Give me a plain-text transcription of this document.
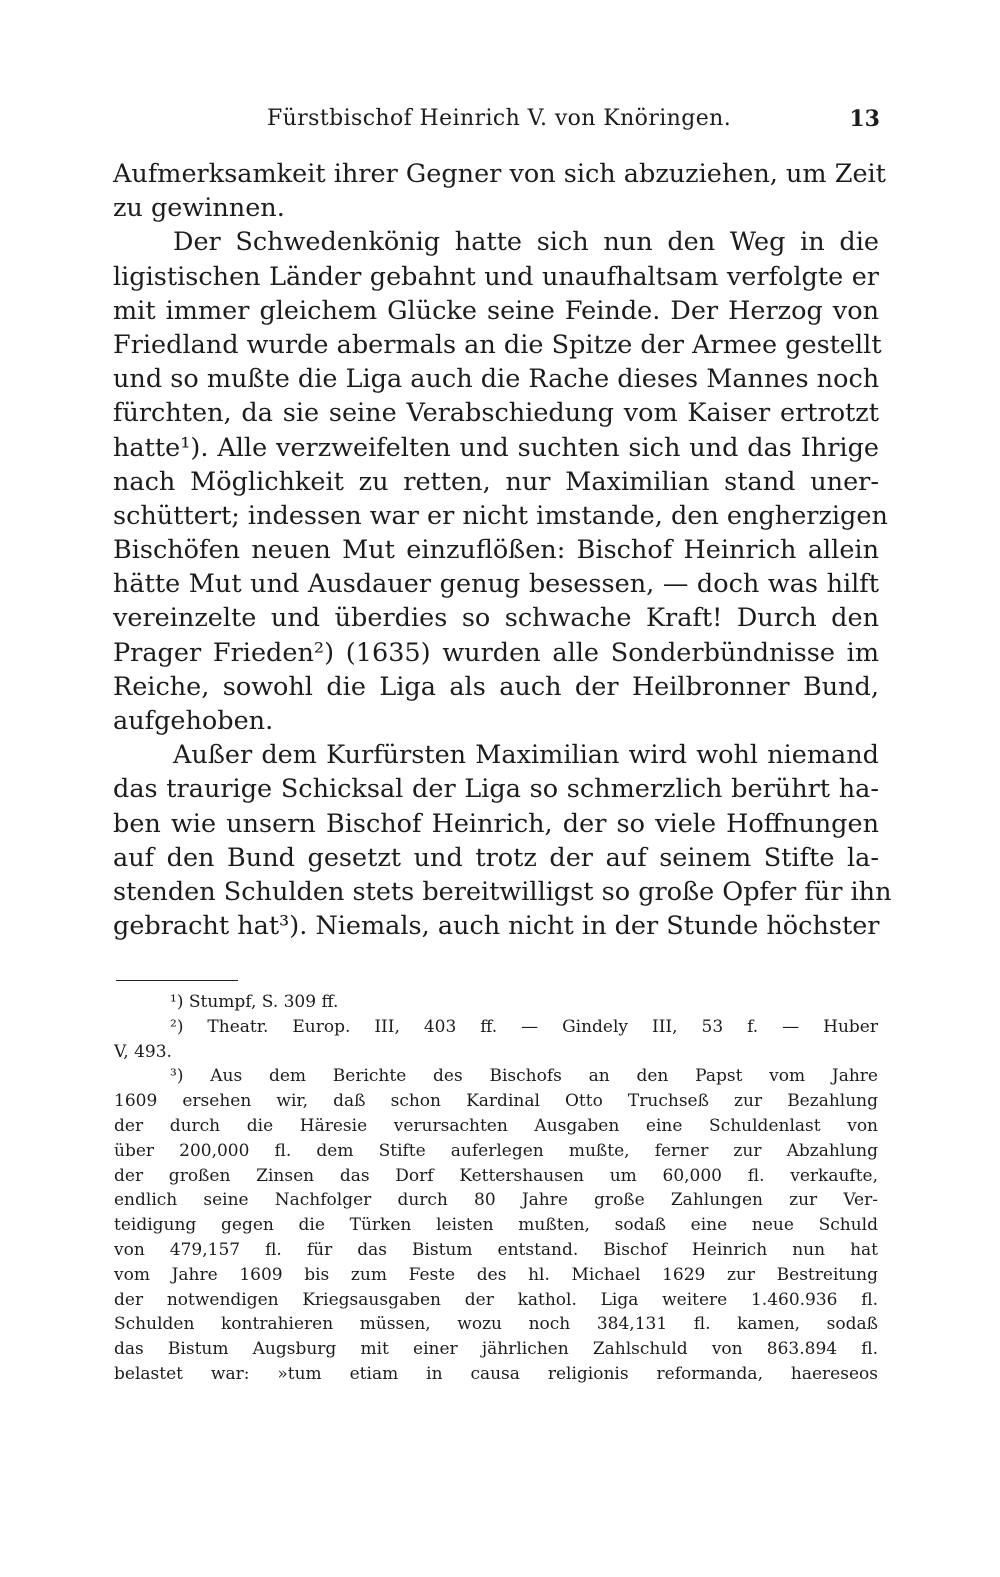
Fürstbischof Heinrich V. von Knöringen.	13
Aufmerksamkeit ihrer Gegner von sich abzuziehen, um Zeit
zu gewinnen.
Der Schwedenkönig hatte sich nun den Weg in die
ligistischen Länder gebahnt und unaufhaltsam verfolgte er
mit immer gleichem Glücke seine Feinde. Der Herzog von
Friedland wurde abermals an die Spitze der Armee gestellt
und so mußte die Liga auch die Rache dieses Mannes noch
fürchten, da sie seine Verabschiedung vom Kaiser ertrotzt
hatte¹). Alle verzweifelten und suchten sich und das Ihrige
nach Möglichkeit zu retten, nur Maximilian stand uner-
schüttert; indessen war er nicht imstande, den engherzigen
Bischöfen neuen Mut einzuflößen: Bischof Heinrich allein
hätte Mut und Ausdauer genug besessen, — doch was hilft
vereinzelte und überdies so schwache Kraft! Durch den
Prager Frieden²) (1635) wurden alle Sonderbündnisse im
Reiche, sowohl die Liga als auch der Heilbronner Bund,
aufgehoben.
Außer dem Kurfürsten Maximilian wird wohl niemand
das traurige Schicksal der Liga so schmerzlich berührt ha-
ben wie unsern Bischof Heinrich, der so viele Hoffnungen
auf den Bund gesetzt und trotz der auf seinem Stifte la-
stenden Schulden stets bereitwilligst so große Opfer für ihn
gebracht hat³). Niemals, auch nicht in der Stunde höchster
¹) Stumpf, S. 309 ff.
²) Theatr. Europ. III, 403 ff. — Gindely III, 53 f. — Huber
V, 493.
³) Aus dem Berichte des Bischofs an den Papst vom Jahre
1609 ersehen wir, daß schon Kardinal Otto Truchseß zur Bezahlung
der durch die Häresie verursachten Ausgaben eine Schuldenlast von
über 200,000 fl. dem Stifte auferlegen mußte, ferner zur Abzahlung
der großen Zinsen das Dorf Kettershausen um 60,000 fl. verkaufte,
endlich seine Nachfolger durch 80 Jahre große Zahlungen zur Ver-
teidigung gegen die Türken leisten mußten, sodaß eine neue Schuld
von 479,157 fl. für das Bistum entstand. Bischof Heinrich nun hat
vom Jahre 1609 bis zum Feste des hl. Michael 1629 zur Bestreitung
der notwendigen Kriegsausgaben der kathol. Liga weitere 1.460.936 fl.
Schulden kontrahieren müssen, wozu noch 384,131 fl. kamen, sodaß
das Bistum Augsburg mit einer jährlichen Zahlschuld von 863.894 fl.
belastet war: »tum etiam in causa religionis reformanda, haereseos
